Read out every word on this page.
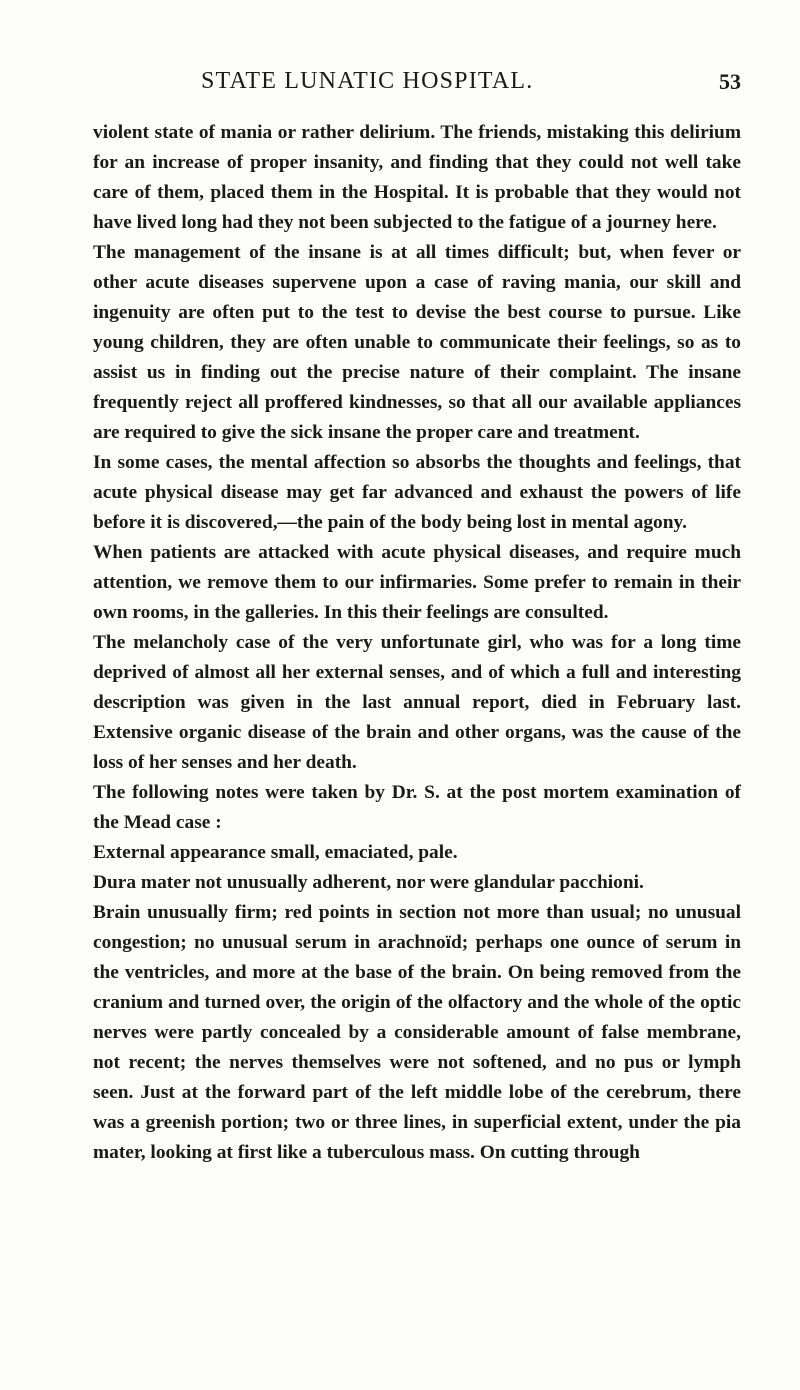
STATE LUNATIC HOSPITAL.	53

violent state of mania or rather delirium. The friends, mistaking this delirium for an increase of proper insanity, and finding that they could not well take care of them, placed them in the Hospital. It is probable that they would not have lived long had they not been subjected to the fatigue of a journey here.

The management of the insane is at all times difficult; but, when fever or other acute diseases supervene upon a case of raving mania, our skill and ingenuity are often put to the test to devise the best course to pursue. Like young children, they are often unable to communicate their feelings, so as to assist us in finding out the precise nature of their complaint. The insane frequently reject all proffered kindnesses, so that all our available appliances are required to give the sick insane the proper care and treatment.

In some cases, the mental affection so absorbs the thoughts and feelings, that acute physical disease may get far advanced and exhaust the powers of life before it is discovered,—the pain of the body being lost in mental agony.

When patients are attacked with acute physical diseases, and require much attention, we remove them to our infirmaries. Some prefer to remain in their own rooms, in the galleries. In this their feelings are consulted.

The melancholy case of the very unfortunate girl, who was for a long time deprived of almost all her external senses, and of which a full and interesting description was given in the last annual report, died in February last. Extensive organic disease of the brain and other organs, was the cause of the loss of her senses and her death.

The following notes were taken by Dr. S. at the post mortem examination of the Mead case :

External appearance small, emaciated, pale.

Dura mater not unusually adherent, nor were glandular pacchioni.

Brain unusually firm; red points in section not more than usual; no unusual congestion; no unusual serum in arachnoïd; perhaps one ounce of serum in the ventricles, and more at the base of the brain. On being removed from the cranium and turned over, the origin of the olfactory and the whole of the optic nerves were partly concealed by a considerable amount of false membrane, not recent; the nerves themselves were not softened, and no pus or lymph seen. Just at the forward part of the left middle lobe of the cerebrum, there was a greenish portion; two or three lines, in superficial extent, under the pia mater, looking at first like a tuberculous mass. On cutting through
